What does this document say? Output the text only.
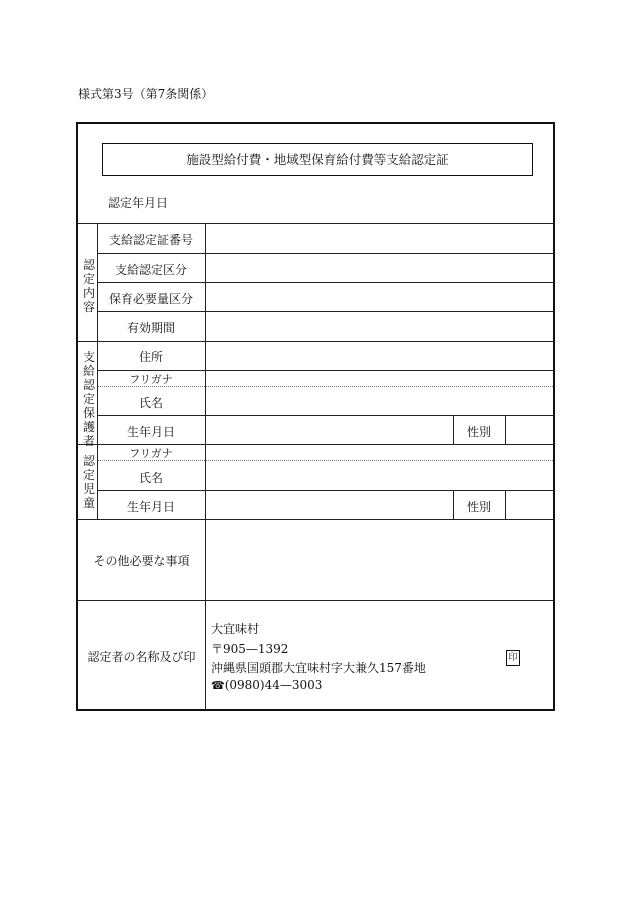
様式第3号（第7条関係）
施設型給付費・地域型保育給付費等支給認定証
認定年月日
認
定
内
容
支
給
認
定
保
護
者
認
定
児
童
支給認定証番号
支給認定区分
保育必要量区分
有効期間
住所
フリガナ
氏名
生年月日	性別
フリガナ
氏名
生年月日	性別
その他必要な事項
認定者の名称及び印
大宜味村
〒905—1392
沖縄県国頭郡大宜味村字大兼久157番地
☎(0980)44—3003
印
